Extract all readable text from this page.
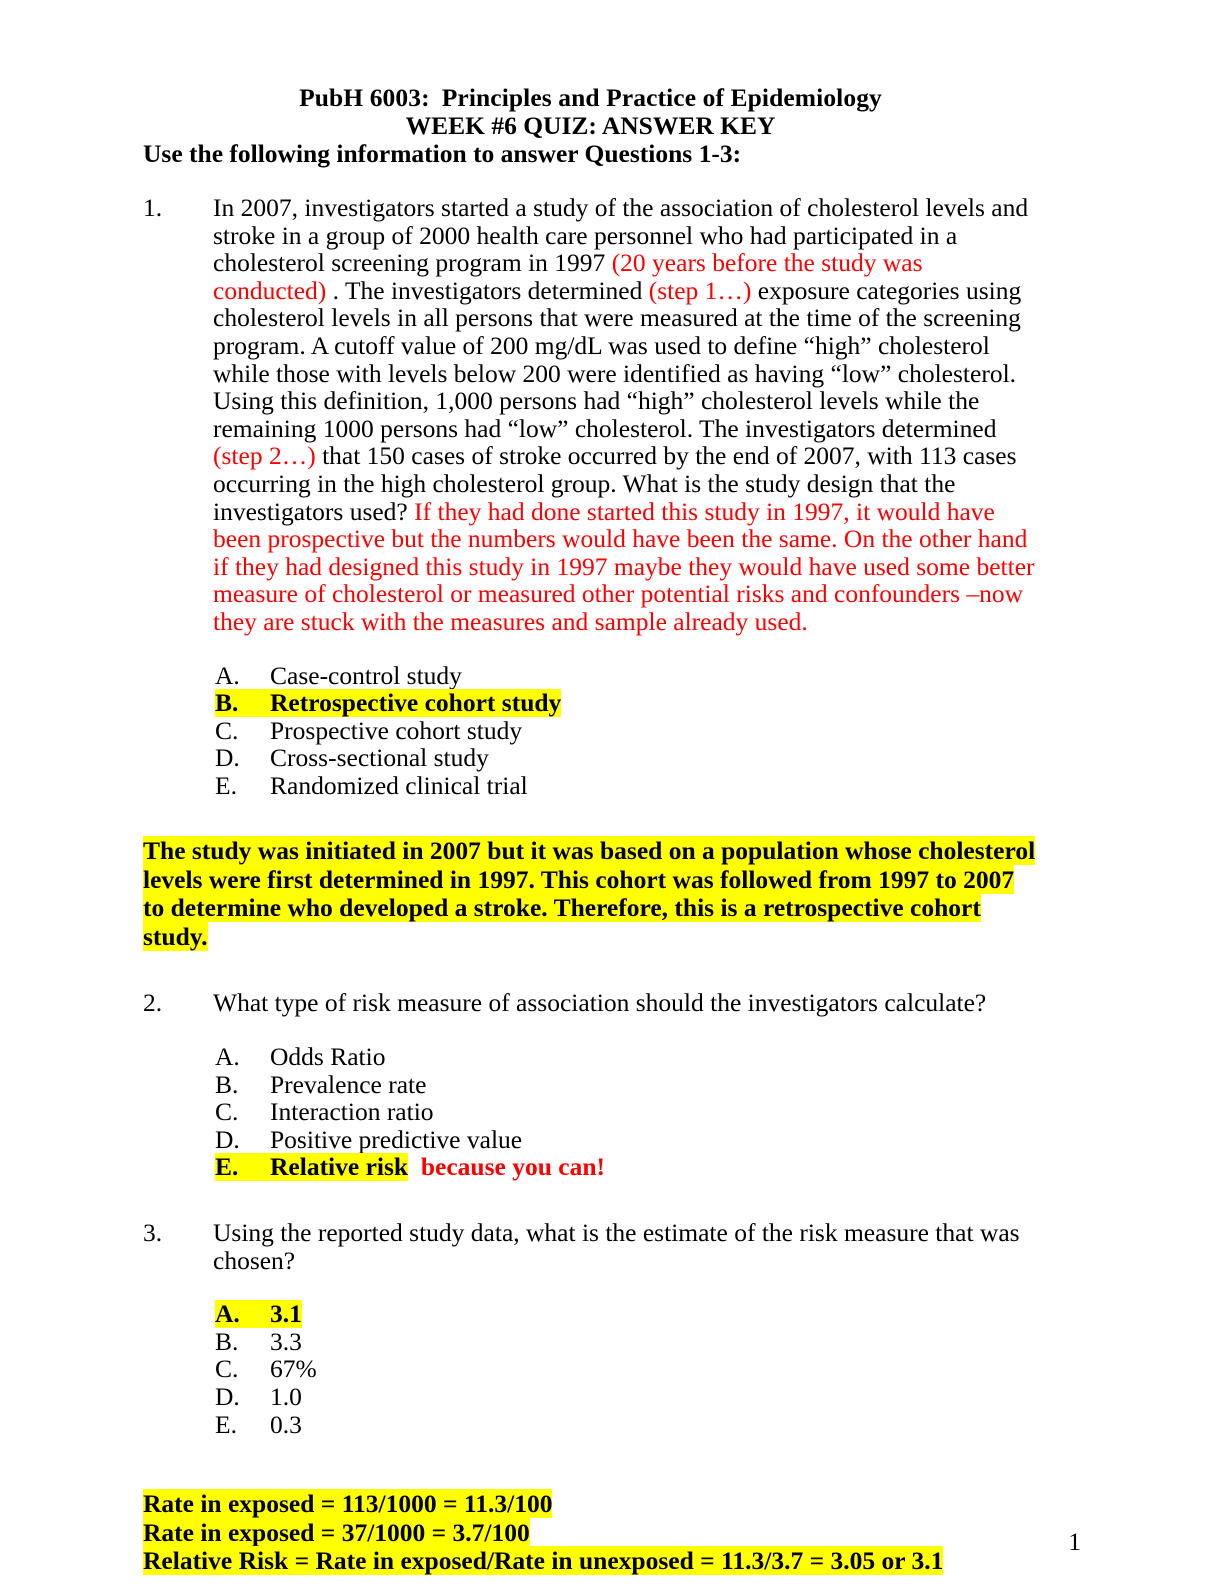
PubH 6003: Principles and Practice of Epidemiology
WEEK #6 QUIZ: ANSWER KEY
Use the following information to answer Questions 1-3:
1.	In 2007, investigators started a study of the association of cholesterol levels and stroke in a group of 2000 health care personnel who had participated in a cholesterol screening program in 1997 (20 years before the study was conducted) . The investigators determined (step 1…) exposure categories using cholesterol levels in all persons that were measured at the time of the screening program. A cutoff value of 200 mg/dL was used to define “high” cholesterol while those with levels below 200 were identified as having “low” cholesterol. Using this definition, 1,000 persons had “high” cholesterol levels while the remaining 1000 persons had “low” cholesterol. The investigators determined (step 2…) that 150 cases of stroke occurred by the end of 2007, with 113 cases occurring in the high cholesterol group. What is the study design that the investigators used? If they had done started this study in 1997, it would have been prospective but the numbers would have been the same. On the other hand if they had designed this study in 1997 maybe they would have used some better measure of cholesterol or measured other potential risks and confounders –now they are stuck with the measures and sample already used.
A. Case-control study
B. Retrospective cohort study
C. Prospective cohort study
D. Cross-sectional study
E. Randomized clinical trial
The study was initiated in 2007 but it was based on a population whose cholesterol levels were first determined in 1997. This cohort was followed from 1997 to 2007 to determine who developed a stroke. Therefore, this is a retrospective cohort study.
2.	What type of risk measure of association should the investigators calculate?
A. Odds Ratio
B. Prevalence rate
C. Interaction ratio
D. Positive predictive value
E. Relative risk because you can!
3.	Using the reported study data, what is the estimate of the risk measure that was chosen?
A. 3.1
B. 3.3
C. 67%
D. 1.0
E. 0.3
Rate in exposed = 113/1000 = 11.3/100
Rate in exposed = 37/1000 = 3.7/100
Relative Risk = Rate in exposed/Rate in unexposed = 11.3/3.7 = 3.05 or 3.1
1
